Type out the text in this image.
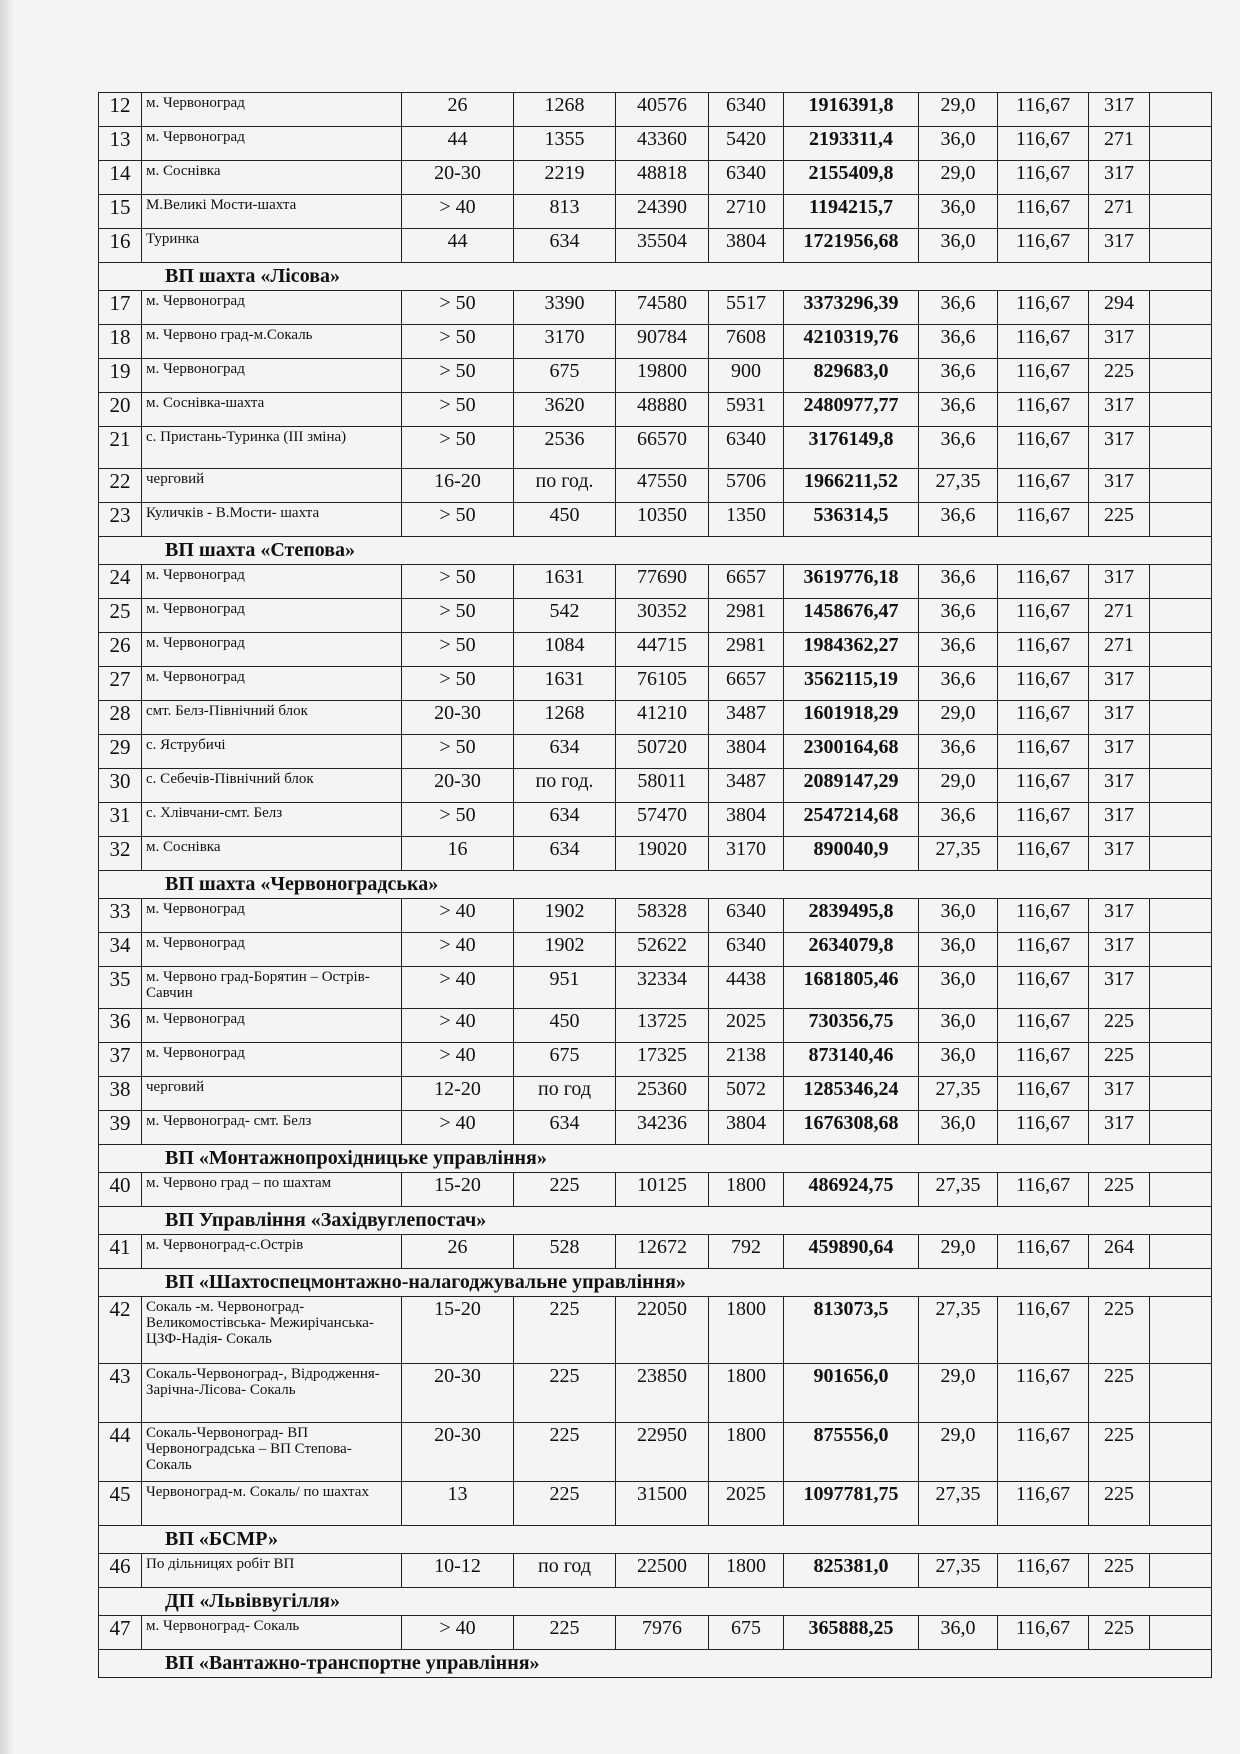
12	м. Червоноград	26	1268	40576	6340	1916391,8	29,0	116,67	317	
13	м. Червоноград	44	1355	43360	5420	2193311,4	36,0	116,67	271	
14	м. Соснівка	20-30	2219	48818	6340	2155409,8	29,0	116,67	317	
15	М.Великі Мости-шахта	> 40	813	24390	2710	1194215,7	36,0	116,67	271	
16	Туринка	44	634	35504	3804	1721956,68	36,0	116,67	317	
ВП шахта «Лісова»										
17	м. Червоноград	> 50	3390	74580	5517	3373296,39	36,6	116,67	294	
18	м. Червоно град-м.Сокаль	> 50	3170	90784	7608	4210319,76	36,6	116,67	317	
19	м. Червоноград	> 50	675	19800	900	829683,0	36,6	116,67	225	
20	м. Соснівка-шахта	> 50	3620	48880	5931	2480977,77	36,6	116,67	317	
21	с. Пристань-Туринка (ІІІ зміна)	> 50	2536	66570	6340	3176149,8	36,6	116,67	317	
22	черговий	16-20	по год.	47550	5706	1966211,52	27,35	116,67	317	
23	Куличків - В.Мости- шахта	> 50	450	10350	1350	536314,5	36,6	116,67	225	
ВП шахта «Степова»										
24	м. Червоноград	> 50	1631	77690	6657	3619776,18	36,6	116,67	317	
25	м. Червоноград	> 50	542	30352	2981	1458676,47	36,6	116,67	271	
26	м. Червоноград	> 50	1084	44715	2981	1984362,27	36,6	116,67	271	
27	м. Червоноград	> 50	1631	76105	6657	3562115,19	36,6	116,67	317	
28	смт. Белз-Північний блок	20-30	1268	41210	3487	1601918,29	29,0	116,67	317	
29	с. Яструбичі	> 50	634	50720	3804	2300164,68	36,6	116,67	317	
30	с. Себечів-Північний блок	20-30	по год.	58011	3487	2089147,29	29,0	116,67	317	
31	с. Хлівчани-смт. Белз	> 50	634	57470	3804	2547214,68	36,6	116,67	317	
32	м. Соснівка	16	634	19020	3170	890040,9	27,35	116,67	317	
ВП шахта «Червоноградська»										
33	м. Червоноград	> 40	1902	58328	6340	2839495,8	36,0	116,67	317	
34	м. Червоноград	> 40	1902	52622	6340	2634079,8	36,0	116,67	317	
35	м. Червоно град-Борятин – Острів-Савчин	> 40	951	32334	4438	1681805,46	36,0	116,67	317	
36	м. Червоноград	> 40	450	13725	2025	730356,75	36,0	116,67	225	
37	м. Червоноград	> 40	675	17325	2138	873140,46	36,0	116,67	225	
38	черговий	12-20	по год	25360	5072	1285346,24	27,35	116,67	317	
39	м. Червоноград- смт. Белз	> 40	634	34236	3804	1676308,68	36,0	116,67	317	
ВП «Монтажнопрохідницьке управління»										
40	м. Червоно град – по шахтам	15-20	225	10125	1800	486924,75	27,35	116,67	225	
ВП Управління «Західвуглепостач»										
41	м. Червоноград-с.Острів	26	528	12672	792	459890,64	29,0	116,67	264	
ВП «Шахтоспецмонтажно-налагоджувальне управління»										
42	Сокаль -м. Червоноград- Великомостівська- Межирічанська- ЦЗФ-Надія- Сокаль	15-20	225	22050	1800	813073,5	27,35	116,67	225	
43	Сокаль-Червоноград-, Відродження- Зарічна-Лісова- Сокаль	20-30	225	23850	1800	901656,0	29,0	116,67	225	
44	Сокаль-Червоноград- ВП Червоноградська – ВП Степова-Сокаль	20-30	225	22950	1800	875556,0	29,0	116,67	225	
45	Червоноград-м. Сокаль/ по шахтах	13	225	31500	2025	1097781,75	27,35	116,67	225	
ВП «БСМР»										
46	По дільницях робіт ВП	10-12	по год	22500	1800	825381,0	27,35	116,67	225	
ДП «Львіввугілля»										
47	м. Червоноград- Сокаль	> 40	225	7976	675	365888,25	36,0	116,67	225	
ВП «Вантажно-транспортне управління»										
